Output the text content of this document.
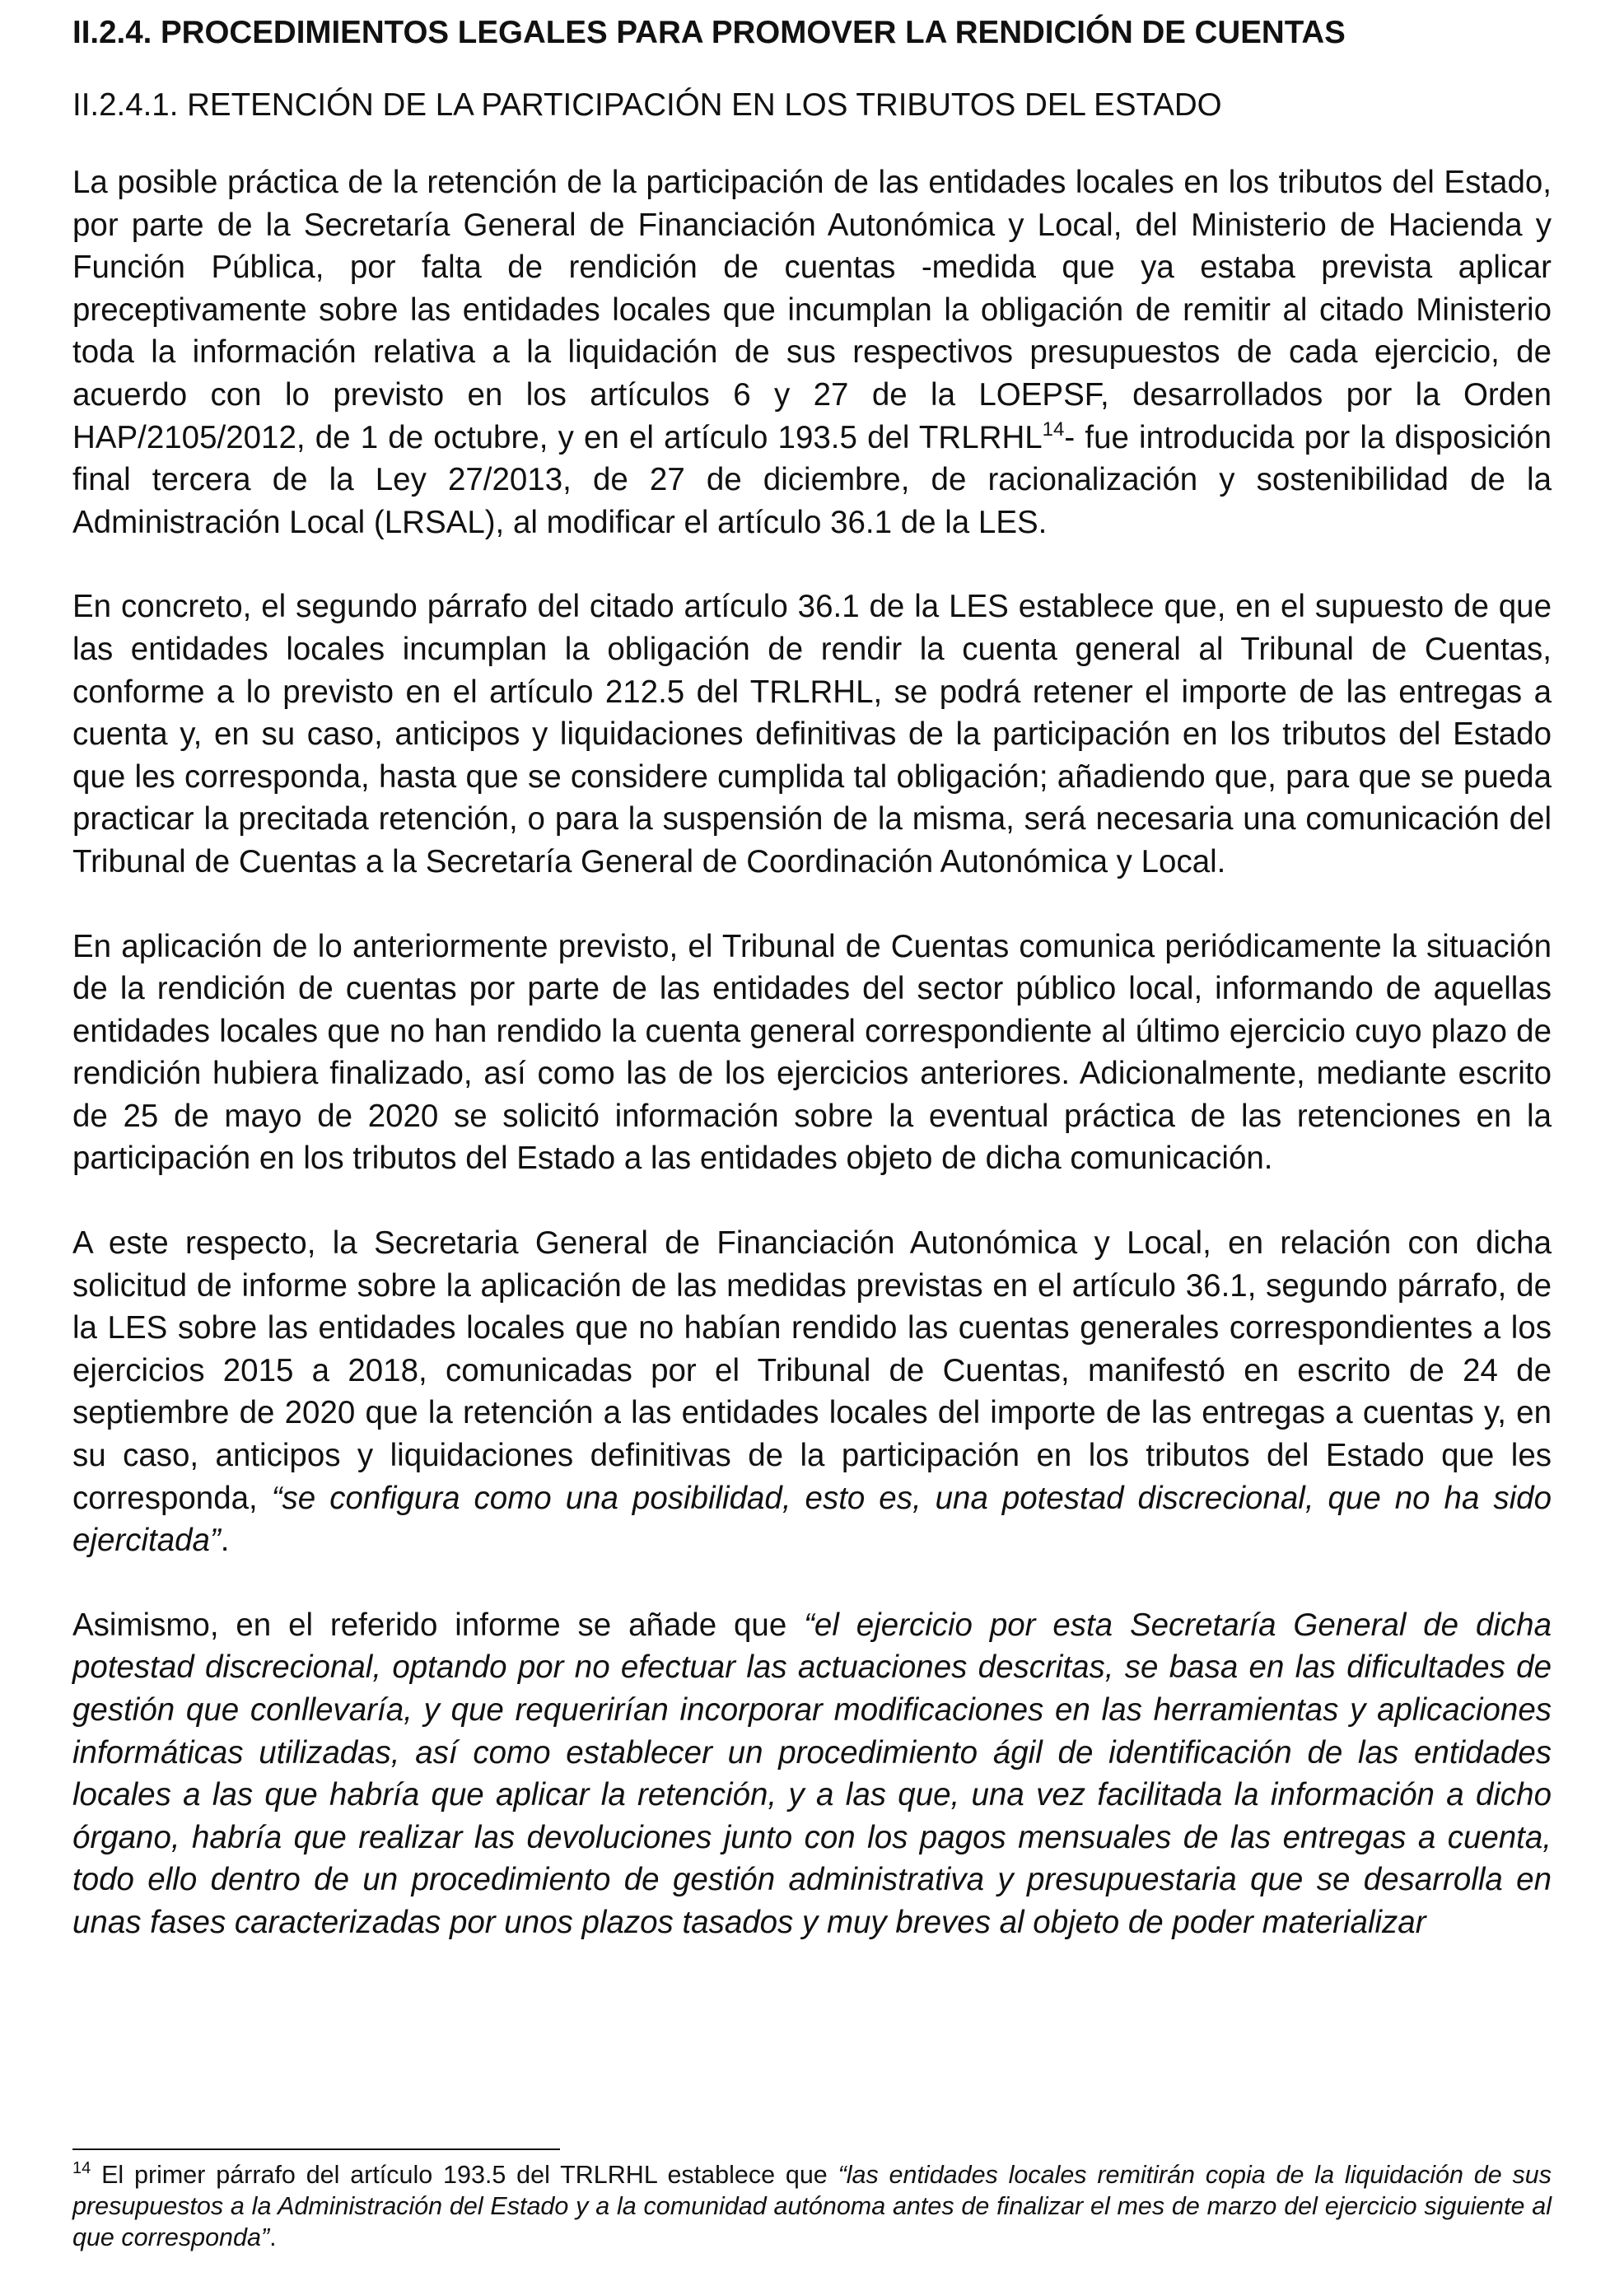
II.2.4. PROCEDIMIENTOS LEGALES PARA PROMOVER LA RENDICIÓN DE CUENTAS
II.2.4.1. RETENCIÓN DE LA PARTICIPACIÓN EN LOS TRIBUTOS DEL ESTADO

La posible práctica de la retención de la participación de las entidades locales en los tributos del Estado, por parte de la Secretaría General de Financiación Autonómica y Local, del Ministerio de Hacienda y Función Pública, por falta de rendición de cuentas -medida que ya estaba prevista aplicar preceptivamente sobre las entidades locales que incumplan la obligación de remitir al citado Ministerio toda la información relativa a la liquidación de sus respectivos presupuestos de cada ejercicio, de acuerdo con lo previsto en los artículos 6 y 27 de la LOEPSF, desarrollados por la Orden HAP/2105/2012, de 1 de octubre, y en el artículo 193.5 del TRLRHL$^{14}$- fue introducida por la disposición final tercera de la Ley 27/2013, de 27 de diciembre, de racionalización y sostenibilidad de la Administración Local (LRSAL), al modificar el artículo 36.1 de la LES.

En concreto, el segundo párrafo del citado artículo 36.1 de la LES establece que, en el supuesto de que las entidades locales incumplan la obligación de rendir la cuenta general al Tribunal de Cuentas, conforme a lo previsto en el artículo 212.5 del TRLRHL, se podrá retener el importe de las entregas a cuenta y, en su caso, anticipos y liquidaciones definitivas de la participación en los tributos del Estado que les corresponda, hasta que se considere cumplida tal obligación; añadiendo que, para que se pueda practicar la precitada retención, o para la suspensión de la misma, será necesaria una comunicación del Tribunal de Cuentas a la Secretaría General de Coordinación Autonómica y Local.

En aplicación de lo anteriormente previsto, el Tribunal de Cuentas comunica periódicamente la situación de la rendición de cuentas por parte de las entidades del sector público local, informando de aquellas entidades locales que no han rendido la cuenta general correspondiente al último ejercicio cuyo plazo de rendición hubiera finalizado, así como las de los ejercicios anteriores. Adicionalmente, mediante escrito de 25 de mayo de 2020 se solicitó información sobre la eventual práctica de las retenciones en la participación en los tributos del Estado a las entidades objeto de dicha comunicación.

A este respecto, la Secretaria General de Financiación Autonómica y Local, en relación con dicha solicitud de informe sobre la aplicación de las medidas previstas en el artículo 36.1, segundo párrafo, de la LES sobre las entidades locales que no habían rendido las cuentas generales correspondientes a los ejercicios 2015 a 2018, comunicadas por el Tribunal de Cuentas, manifestó en escrito de 24 de septiembre de 2020 que la retención a las entidades locales del importe de las entregas a cuentas y, en su caso, anticipos y liquidaciones definitivas de la participación en los tributos del Estado que les corresponda, “se configura como una posibilidad, esto es, una potestad discrecional, que no ha sido ejercitada”.

Asimismo, en el referido informe se añade que “el ejercicio por esta Secretaría General de dicha potestad discrecional, optando por no efectuar las actuaciones descritas, se basa en las dificultades de gestión que conllevaría, y que requerirían incorporar modificaciones en las herramientas y aplicaciones informáticas utilizadas, así como establecer un procedimiento ágil de identificación de las entidades locales a las que habría que aplicar la retención, y a las que, una vez facilitada la información a dicho órgano, habría que realizar las devoluciones junto con los pagos mensuales de las entregas a cuenta, todo ello dentro de un procedimiento de gestión administrativa y presupuestaria que se desarrolla en unas fases caracterizadas por unos plazos tasados y muy breves al objeto de poder materializar

$^{14}$ El primer párrafo del artículo 193.5 del TRLRHL establece que “las entidades locales remitirán copia de la liquidación de sus presupuestos a la Administración del Estado y a la comunidad autónoma antes de finalizar el mes de marzo del ejercicio siguiente al que corresponda”.
